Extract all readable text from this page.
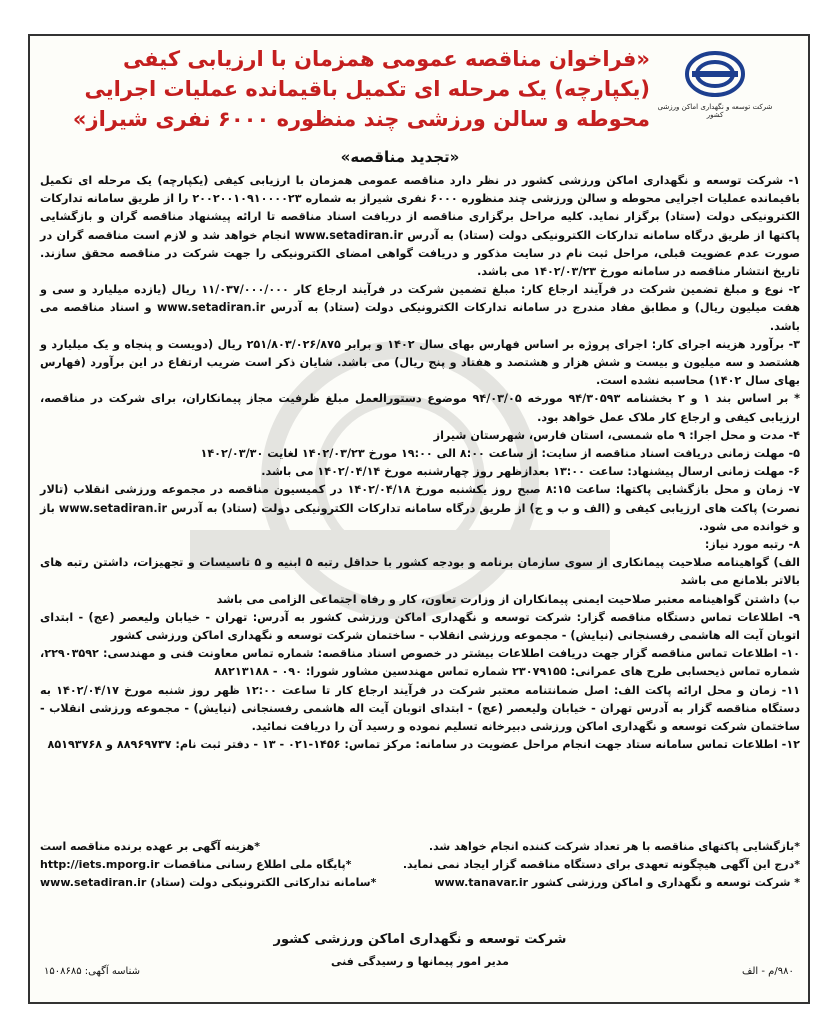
شرکت توسعه و نگهداری اماکن ورزشی کشور
«فراخوان مناقصه عمومی همزمان با ارزیابی کیفی
(یکپارچه) یک مرحله ای تکمیل باقیمانده عملیات اجرایی
محوطه و سالن ورزشی چند منظوره ۶۰۰۰ نفری شیراز»
«تجدید مناقصه»

۱- شرکت توسعه و نگهداری اماکن ورزشی کشور در نظر دارد مناقصه عمومی همزمان با ارزیابی کیفی (یکپارچه) یک مرحله ای تکمیل باقیمانده عملیات اجرایی محوطه و سالن ورزشی چند منظوره ۶۰۰۰ نفری شیراز به شماره ۲۰۰۲۰۰۱۰۹۱۰۰۰۰۲۳ را از طریق سامانه تدارکات الکترونیکی دولت (ستاد) برگزار نماید. کلیه مراحل برگزاری مناقصه از دریافت اسناد مناقصه تا ارائه پیشنهاد مناقصه گران و بازگشایی پاکتها از طریق درگاه سامانه تدارکات الکترونیکی دولت (ستاد) به آدرس www.setadiran.ir انجام خواهد شد و لازم است مناقصه گران در صورت عدم عضویت قبلی، مراحل ثبت نام در سایت مذکور و دریافت گواهی امضای الکترونیکی را جهت شرکت در مناقصه محقق سازند. تاریخ انتشار مناقصه در سامانه مورخ ۱۴۰۲/۰۳/۲۳ می باشد.

۲- نوع و مبلغ تضمین شرکت در فرآیند ارجاع کار: مبلغ تضمین شرکت در فرآیند ارجاع کار ۱۱/۰۳۷/۰۰۰/۰۰۰ ریال (یازده میلیارد و سی و هفت میلیون ریال) و مطابق مفاد مندرج در سامانه تدارکات الکترونیکی دولت (ستاد) به آدرس www.setadiran.ir و اسناد مناقصه می باشد.

۳- برآورد هزینه اجرای کار: اجرای پروژه بر اساس فهارس بهای سال ۱۴۰۲ و برابر ۲۵۱/۸۰۳/۰۲۶/۸۷۵ ریال (دویست و پنجاه و یک میلیارد و هشتصد و سه میلیون و بیست و شش هزار و هشتصد و هفتاد و پنج ریال) می باشد. شایان ذکر است ضریب ارتفاع در این برآورد (فهارس بهای سال ۱۴۰۲) محاسبه نشده است.

* بر اساس بند ۱ و ۲ بخشنامه ۹۴/۳۰۵۹۳ مورخه ۹۴/۰۳/۰۵ موضوع دستورالعمل مبلغ ظرفیت مجاز پیمانکاران، برای شرکت در مناقصه، ارزیابی کیفی و ارجاع کار ملاک عمل خواهد بود.

۴- مدت و محل اجرا: ۹ ماه شمسی، استان فارس، شهرستان شیراز

۵- مهلت زمانی دریافت اسناد مناقصه از سایت: از ساعت ۸:۰۰ الی ۱۹:۰۰ مورخ ۱۴۰۲/۰۳/۲۳ لغایت ۱۴۰۲/۰۳/۳۰

۶- مهلت زمانی ارسال پیشنهاد: ساعت ۱۳:۰۰ بعدازظهر روز چهارشنبه مورخ ۱۴۰۲/۰۴/۱۴ می باشد.

۷- زمان و محل بازگشایی پاکتها: ساعت ۸:۱۵ صبح روز یکشنبه مورخ ۱۴۰۲/۰۴/۱۸ در کمیسیون مناقصه در مجموعه ورزشی انقلاب (تالار نصرت) پاکت های ارزیابی کیفی و (الف و ب و ج) از طریق درگاه سامانه تدارکات الکترونیکی دولت (ستاد) به آدرس www.setadiran.ir باز و خوانده می شود.

۸- رتبه مورد نیاز:

الف) گواهینامه صلاحیت پیمانکاری از سوی سازمان برنامه و بودجه کشور با حداقل رتبه ۵ ابنیه و ۵ تاسیسات و تجهیزات، داشتن رتبه های بالاتر بلامانع می باشد

ب) داشتن گواهینامه معتبر صلاحیت ایمنی پیمانکاران از وزارت تعاون، کار و رفاه اجتماعی الزامی می باشد

۹- اطلاعات تماس دستگاه مناقصه گزار: شرکت توسعه و نگهداری اماکن ورزشی کشور به آدرس: تهران - خیابان ولیعصر (عج) - ابتدای اتوبان آیت اله هاشمی رفسنجانی (نیایش) - مجموعه ورزشی انقلاب - ساختمان شرکت توسعه و نگهداری اماکن ورزشی کشور

۱۰- اطلاعات تماس مناقصه گزار جهت دریافت اطلاعات بیشتر در خصوص اسناد مناقصه: شماره تماس معاونت فنی و مهندسی: ۲۲۹۰۳۵۹۲، شماره تماس ذیحسابی طرح های عمرانی: ۲۳۰۷۹۱۵۵ شماره تماس مهندسین مشاور شورا: ۰۹۰ - ۸۸۲۱۳۱۸۸

۱۱- زمان و محل ارائه پاکت الف: اصل ضمانتنامه معتبر شرکت در فرآیند ارجاع کار تا ساعت ۱۲:۰۰ ظهر روز شنبه مورخ ۱۴۰۲/۰۴/۱۷ به دستگاه مناقصه گزار به آدرس تهران - خیابان ولیعصر (عج) - ابتدای اتوبان آیت اله هاشمی رفسنجانی (نیایش) - مجموعه ورزشی انقلاب - ساختمان شرکت توسعه و نگهداری اماکن ورزشی دبیرخانه تسلیم نموده و رسید آن را دریافت نمائید.

۱۲- اطلاعات تماس سامانه ستاد جهت انجام مراحل عضویت در سامانه: مرکز تماس: ۱۴۵۶-۰۲۱ - ۱۳ - دفتر ثبت نام: ۸۸۹۶۹۷۳۷ و ۸۵۱۹۳۷۶۸

*بازگشایی پاکتهای مناقصه با هر تعداد شرکت کننده انجام خواهد شد.
*هزینه آگهی بر عهده برنده مناقصه است
*درج این آگهی هیچگونه تعهدی برای دستگاه مناقصه گزار ایجاد نمی نماید.
*پایگاه ملی اطلاع رسانی مناقصات http://iets.mporg.ir
* شرکت توسعه و نگهداری و اماکن ورزشی کشور www.tanavar.ir
*سامانه تدارکاتی الکترونیکی دولت (ستاد) www.setadiran.ir
شرکت توسعه و نگهداری اماکن ورزشی کشور
مدیر امور پیمانها و رسیدگی فنی
شناسه آگهی: ۱۵۰۸۶۸۵	۹۸۰/م - الف
